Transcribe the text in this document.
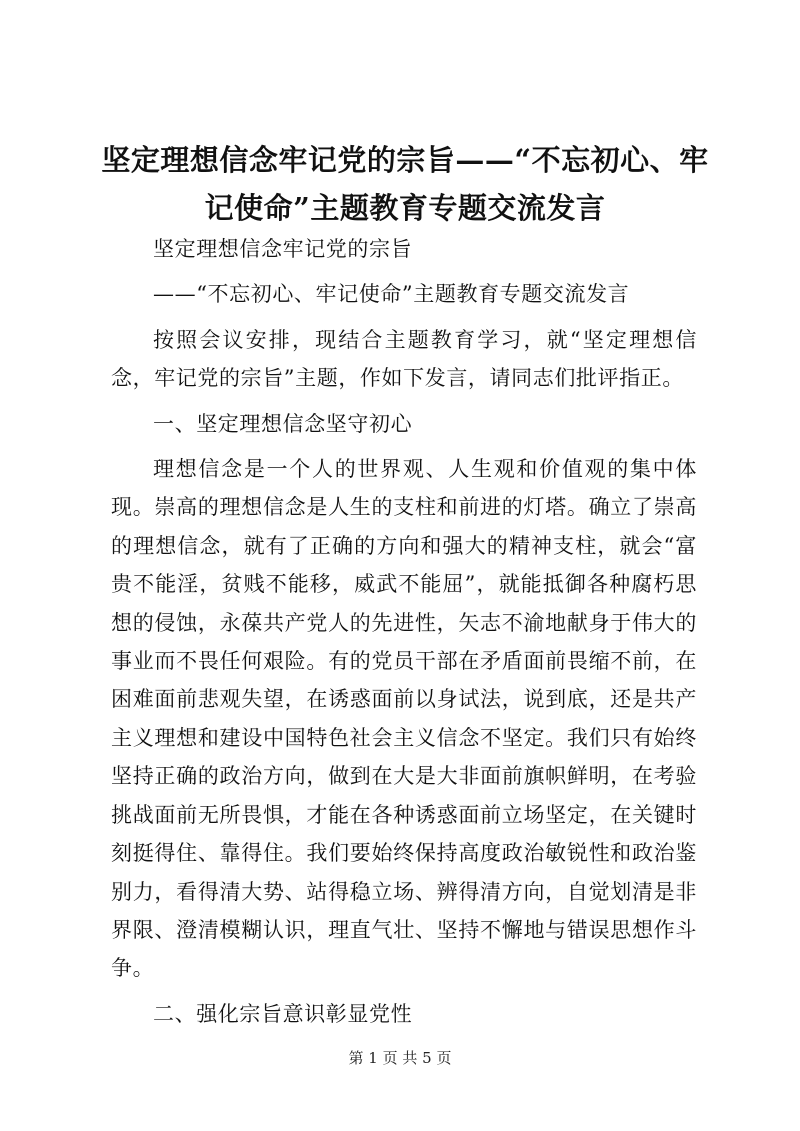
坚定理想信念牢记党的宗旨——“不忘初心、牢记使命”主题教育专题交流发言

坚定理想信念牢记党的宗旨

——“不忘初心、牢记使命”主题教育专题交流发言

按照会议安排，现结合主题教育学习，就“坚定理想信念，牢记党的宗旨”主题，作如下发言，请同志们批评指正。

一、坚定理想信念坚守初心

理想信念是一个人的世界观、人生观和价值观的集中体现。崇高的理想信念是人生的支柱和前进的灯塔。确立了崇高的理想信念，就有了正确的方向和强大的精神支柱，就会“富贵不能淫，贫贱不能移，威武不能屈”，就能抵御各种腐朽思想的侵蚀，永葆共产党人的先进性，矢志不渝地献身于伟大的事业而不畏任何艰险。有的党员干部在矛盾面前畏缩不前，在困难面前悲观失望，在诱惑面前以身试法，说到底，还是共产主义理想和建设中国特色社会主义信念不坚定。我们只有始终坚持正确的政治方向，做到在大是大非面前旗帜鲜明，在考验挑战面前无所畏惧，才能在各种诱惑面前立场坚定，在关键时刻挺得住、靠得住。我们要始终保持高度政治敏锐性和政治鉴别力，看得清大势、站得稳立场、辨得清方向，自觉划清是非界限、澄清模糊认识，理直气壮、坚持不懈地与错误思想作斗争。

二、强化宗旨意识彰显党性

第 1 页 共 5 页
